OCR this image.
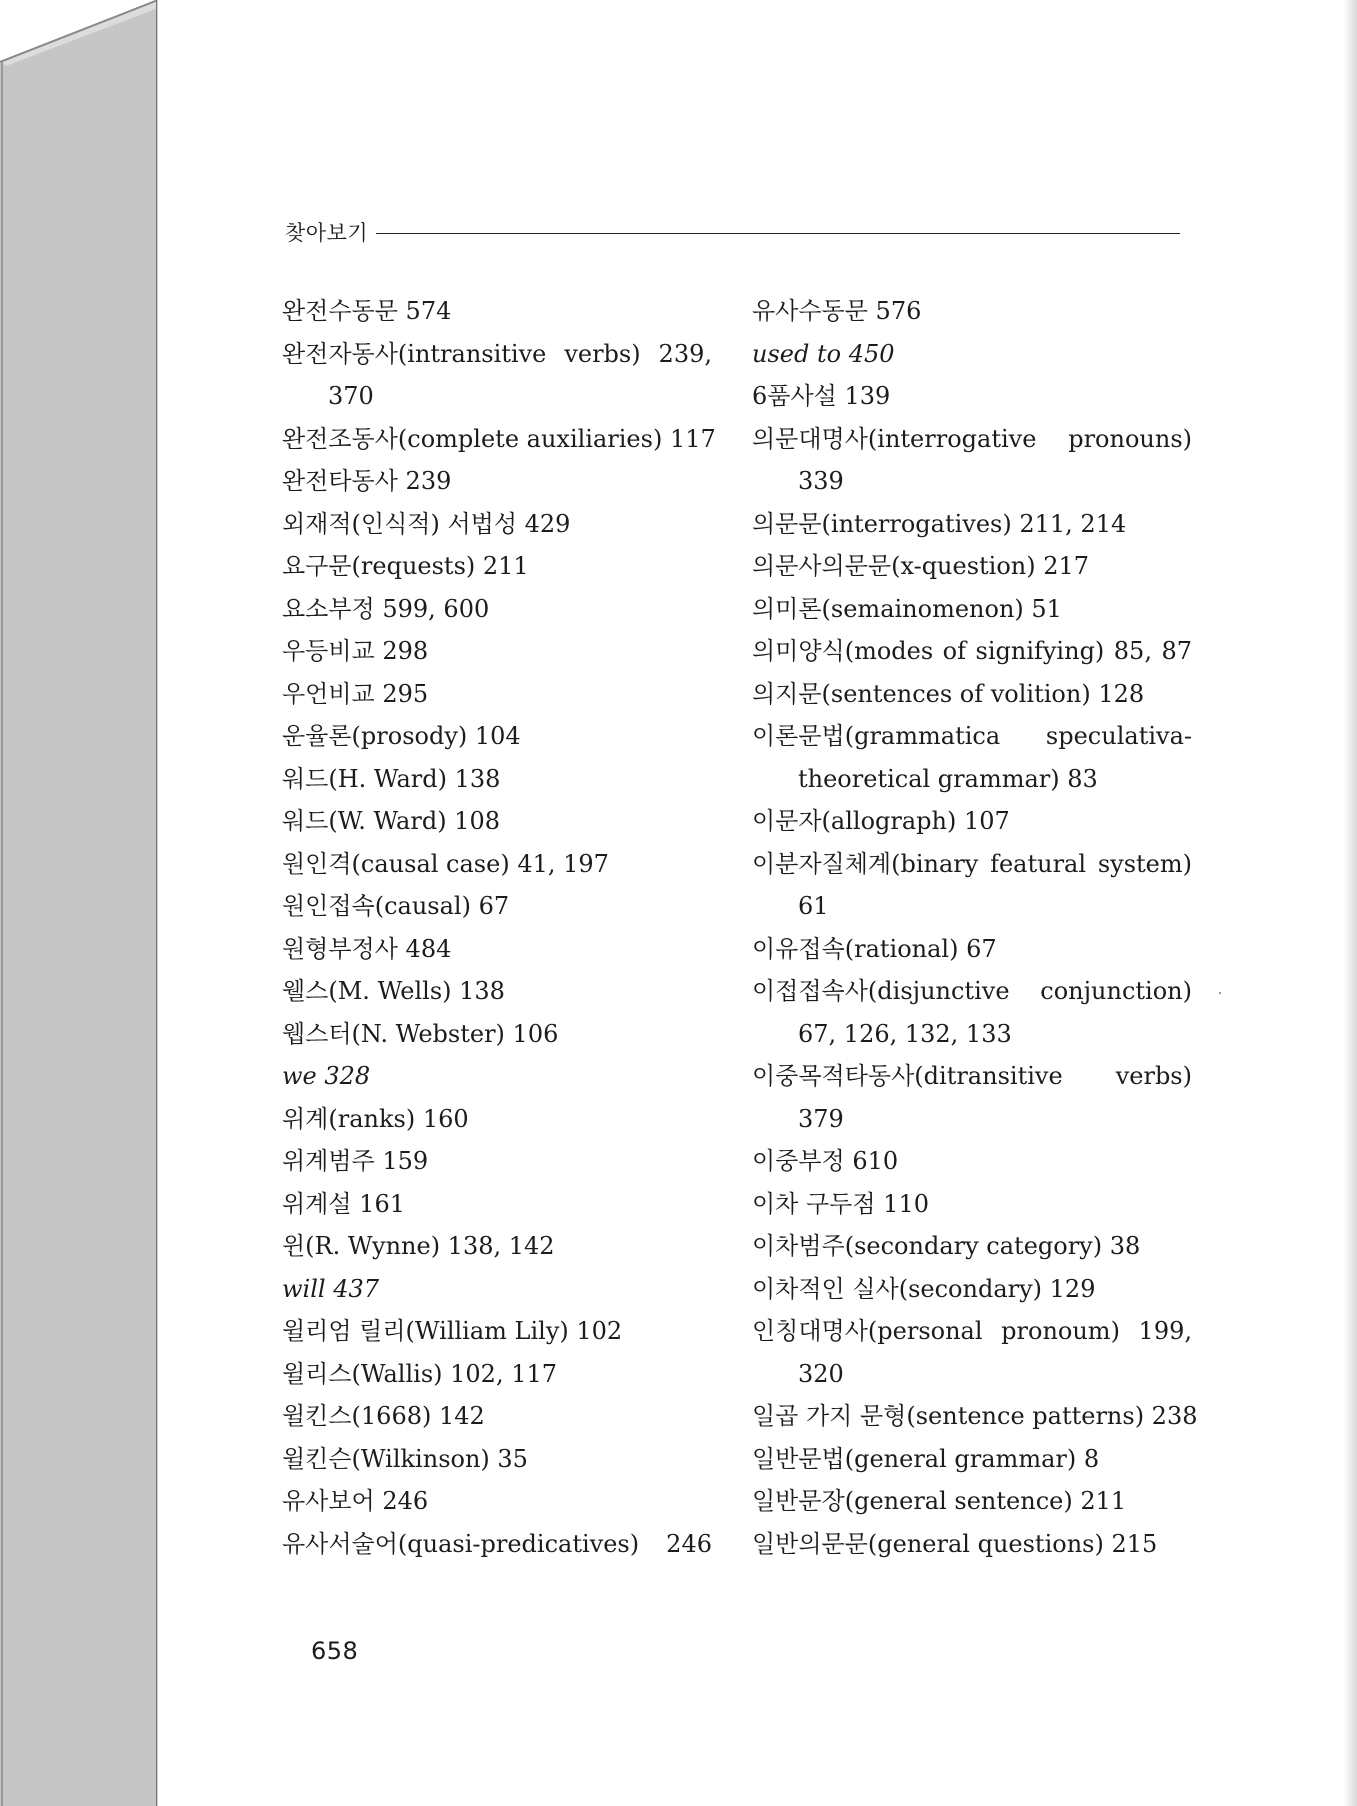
찾아보기
완전수동문 574
완전자동사(intransitive verbs) 239,
370
완전조동사(complete auxiliaries) 117
완전타동사 239
외재적(인식적) 서법성 429
요구문(requests) 211
요소부정 599, 600
우등비교 298
우언비교 295
운율론(prosody) 104
워드(H. Ward) 138
워드(W. Ward) 108
원인격(causal case) 41, 197
원인접속(causal) 67
원형부정사 484
웰스(M. Wells) 138
웹스터(N. Webster) 106
we 328
위계(ranks) 160
위계범주 159
위계설 161
윈(R. Wynne) 138, 142
will 437
윌리엄 릴리(William Lily) 102
윌리스(Wallis) 102, 117
윌킨스(1668) 142
윌킨슨(Wilkinson) 35
유사보어 246
유사서술어(quasi-predicatives) 246
유사수동문 576
used to 450
6품사설 139
의문대명사(interrogative pronouns)
339
의문문(interrogatives) 211, 214
의문사의문문(x-question) 217
의미론(semainomenon) 51
의미양식(modes of signifying) 85, 87
의지문(sentences of volition) 128
이론문법(grammatica speculativa-
theoretical grammar) 83
이문자(allograph) 107
이분자질체계(binary featural system)
61
이유접속(rational) 67
이접접속사(disjunctive conjunction)
67, 126, 132, 133
이중목적타동사(ditransitive verbs)
379
이중부정 610
이차 구두점 110
이차범주(secondary category) 38
이차적인 실사(secondary) 129
인칭대명사(personal pronoum) 199,
320
일곱 가지 문형(sentence patterns) 238
일반문법(general grammar) 8
일반문장(general sentence) 211
일반의문문(general questions) 215
658
